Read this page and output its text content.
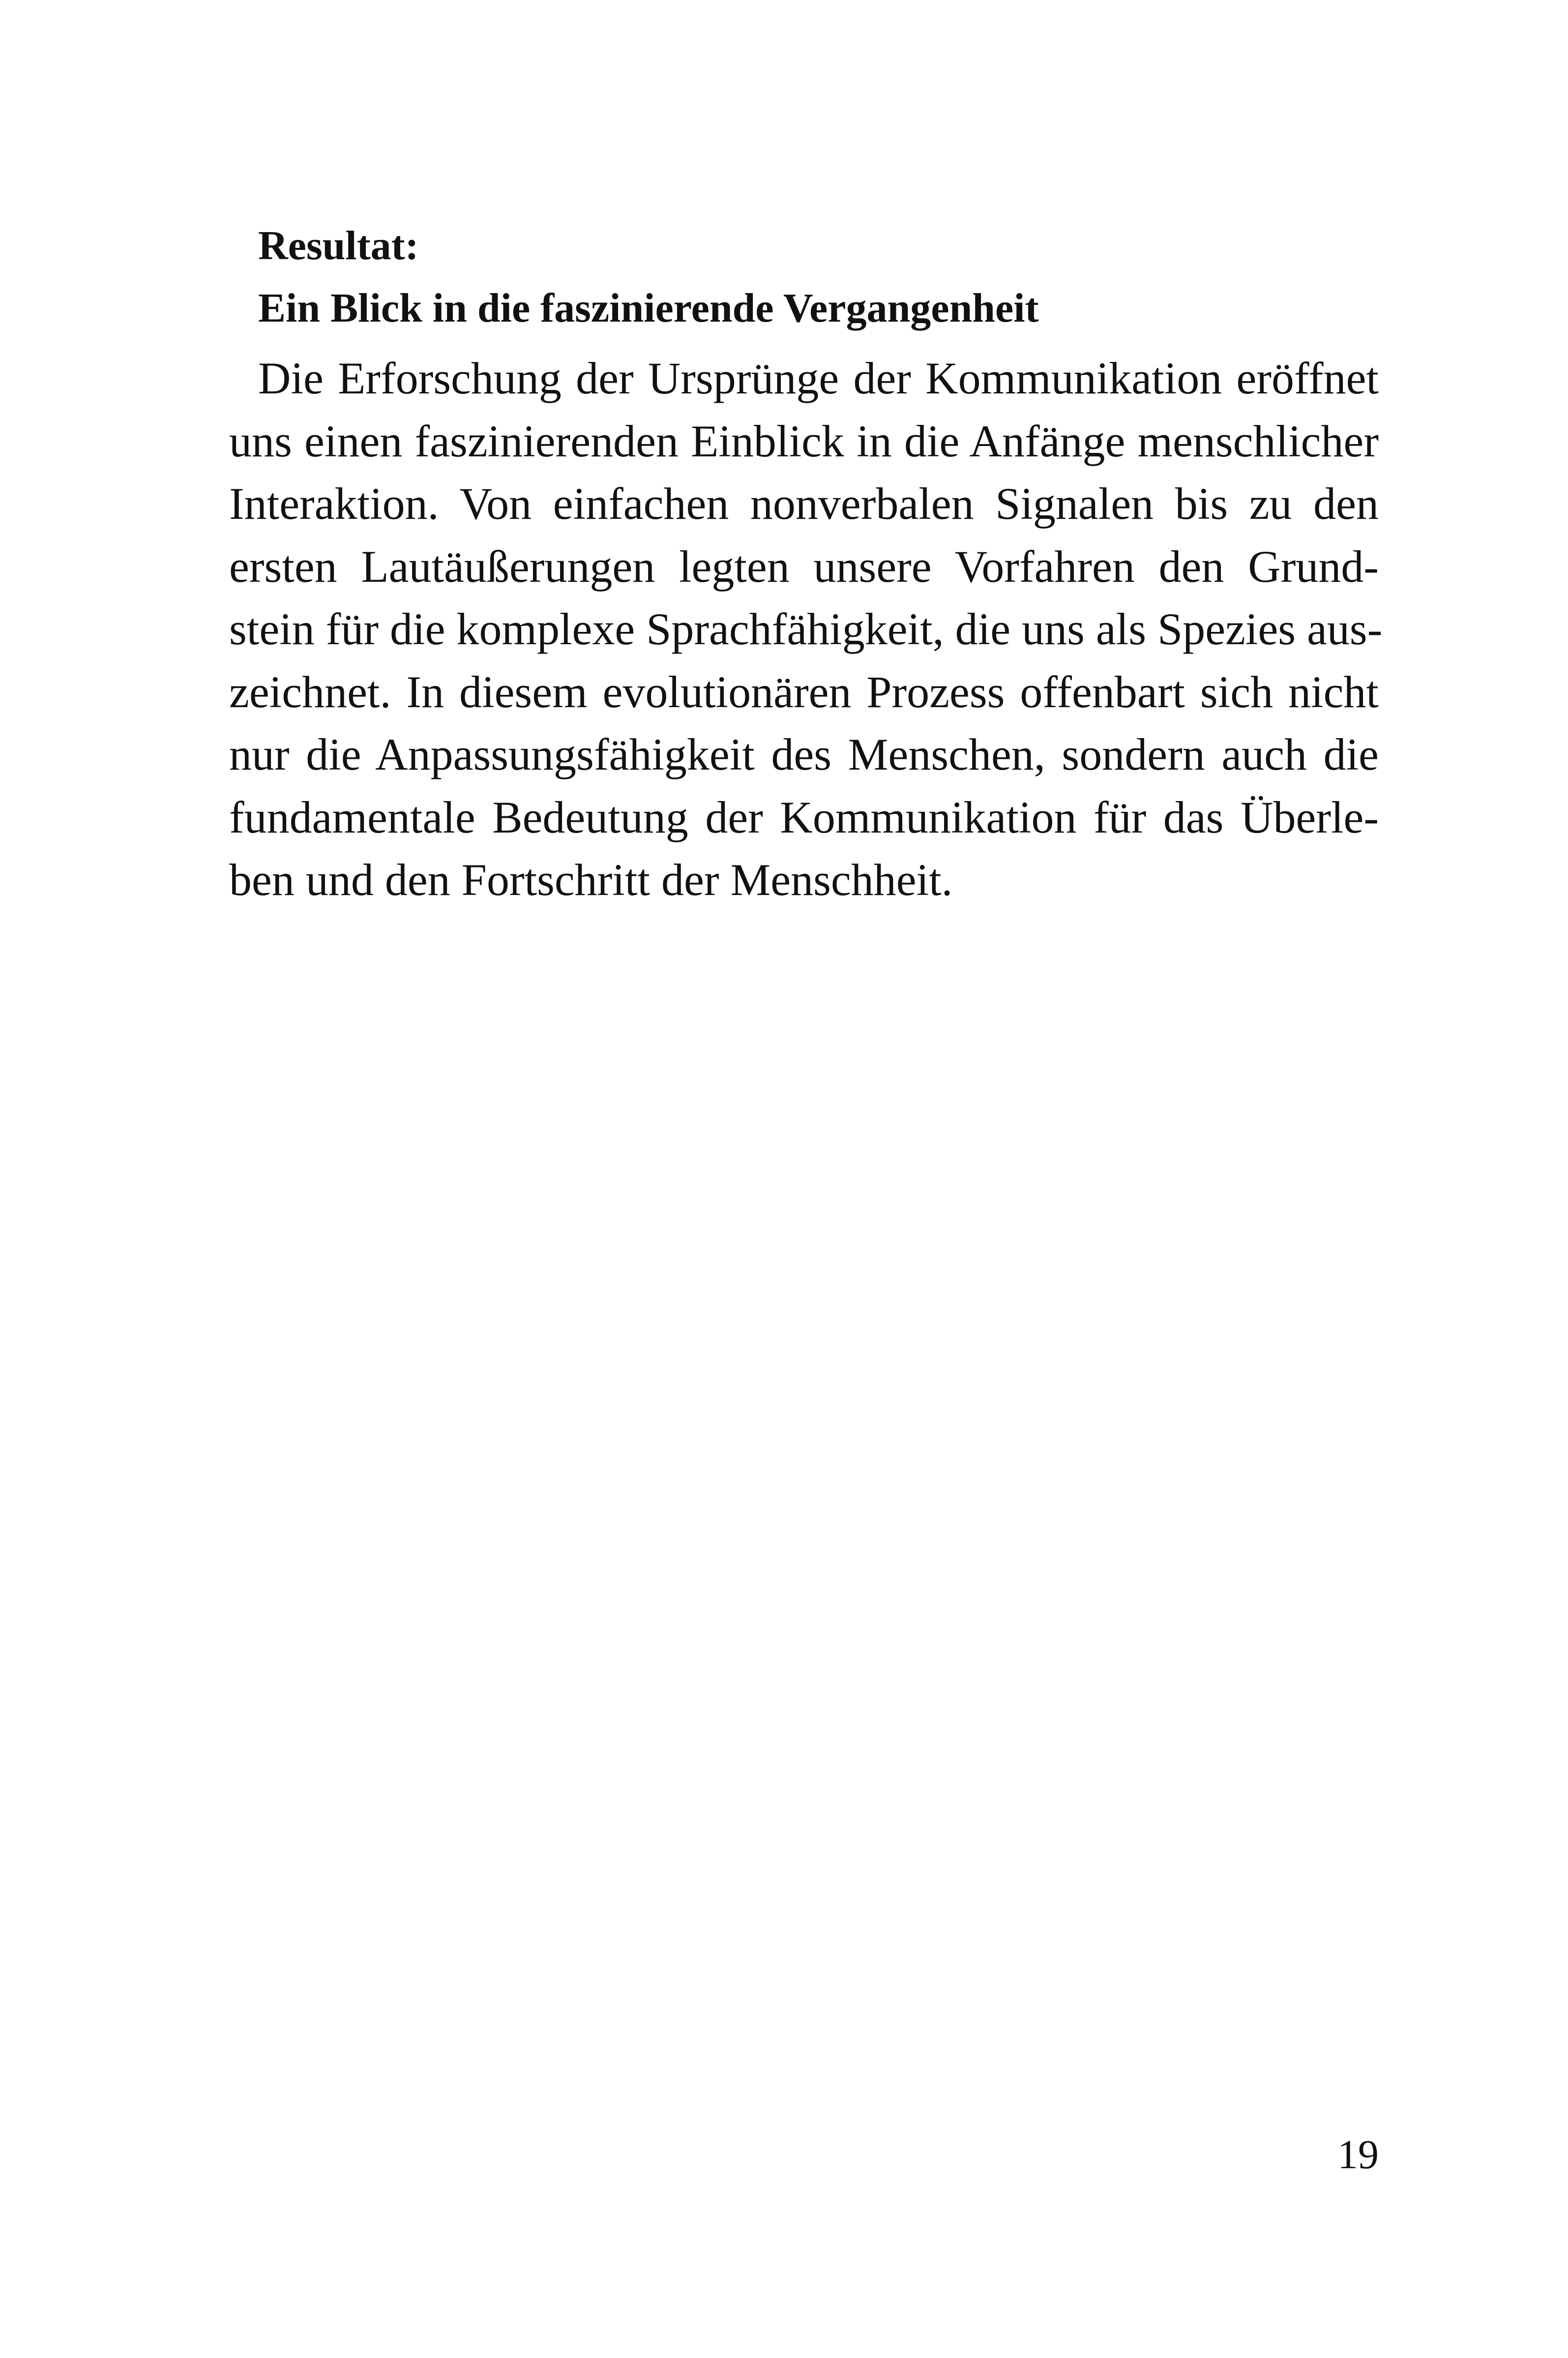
Resultat:
Ein Blick in die faszinierende Vergangenheit
Die Erforschung der Ursprünge der Kommunikation eröffnet
uns einen faszinierenden Einblick in die Anfänge menschlicher
Interaktion. Von einfachen nonverbalen Signalen bis zu den
ersten Lautäußerungen legten unsere Vorfahren den Grund-
stein für die komplexe Sprachfähigkeit, die uns als Spezies aus-
zeichnet. In diesem evolutionären Prozess offenbart sich nicht
nur die Anpassungsfähigkeit des Menschen, sondern auch die
fundamentale Bedeutung der Kommunikation für das Überle-
ben und den Fortschritt der Menschheit.
19
